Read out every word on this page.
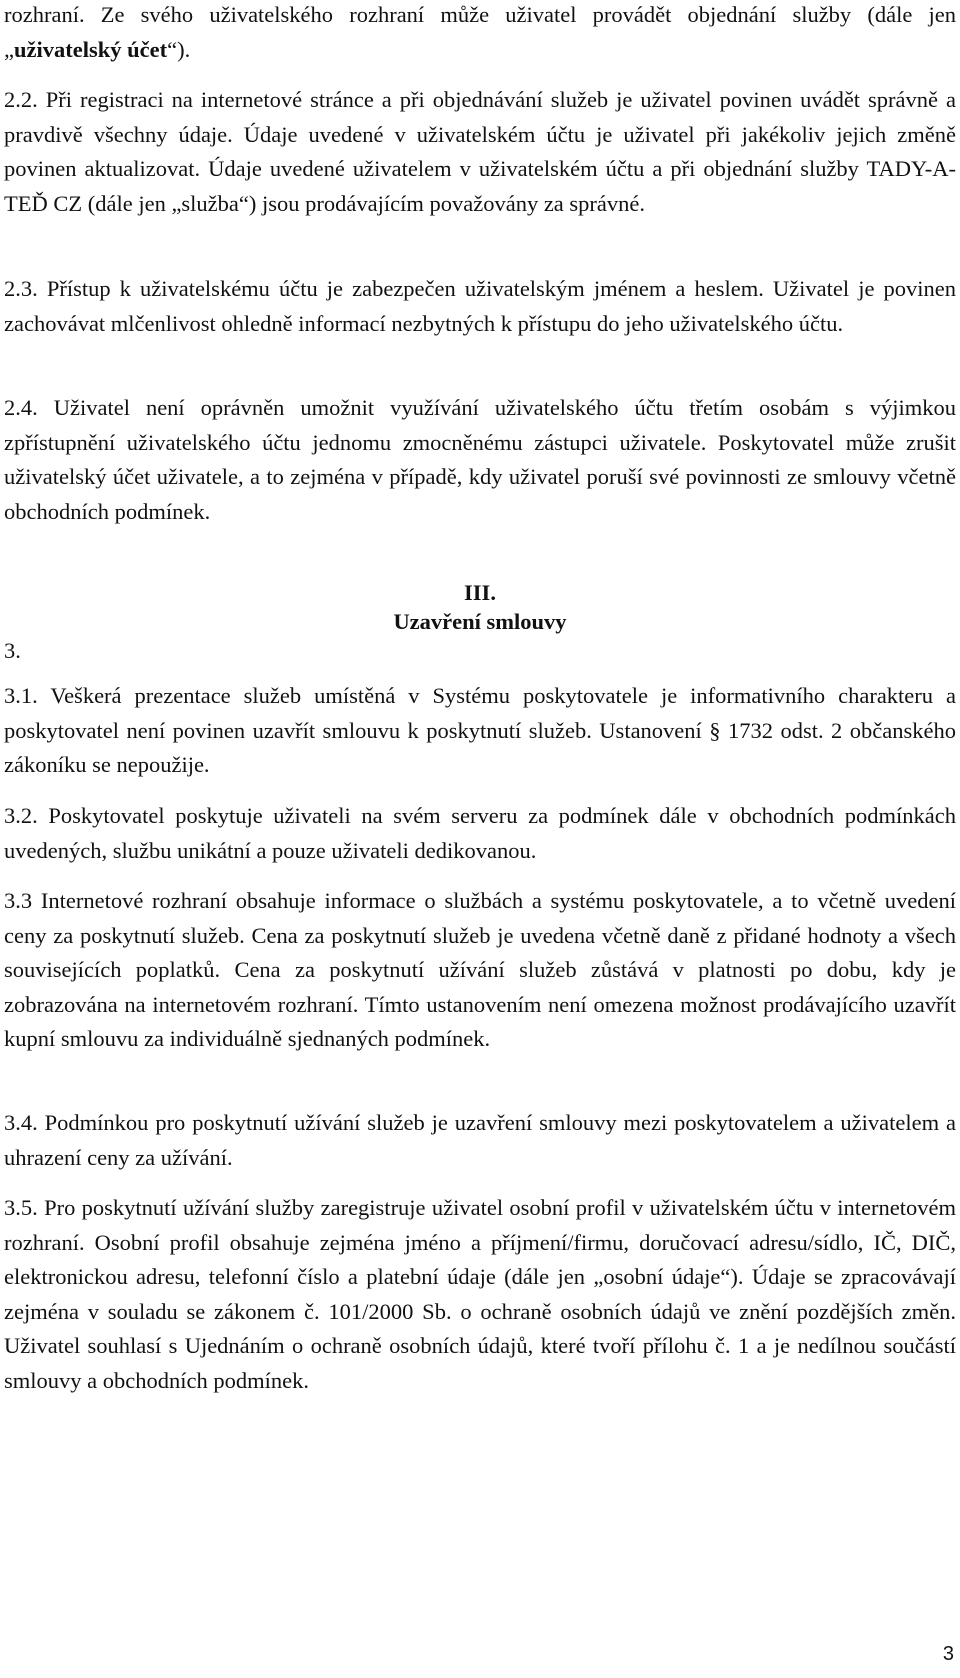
rozhraní. Ze svého uživatelského rozhraní může uživatel provádět objednání služby (dále jen „uživatelský účet“).

2.2. Při registraci na internetové stránce a při objednávání služeb je uživatel povinen uvádět správně a pravdivě všechny údaje. Údaje uvedené v uživatelském účtu je uživatel při jakékoliv jejich změně povinen aktualizovat. Údaje uvedené uživatelem v uživatelském účtu a při objednání služby TADY-A-TEĎ CZ (dále jen „služba“) jsou prodávajícím považovány za správné.

2.3. Přístup k uživatelskému účtu je zabezpečen uživatelským jménem a heslem. Uživatel je povinen zachovávat mlčenlivost ohledně informací nezbytných k přístupu do jeho uživatelského účtu.

2.4. Uživatel není oprávněn umožnit využívání uživatelského účtu třetím osobám s výjimkou zpřístupnění uživatelského účtu jednomu zmocněnému zástupci uživatele. Poskytovatel může zrušit uživatelský účet uživatele, a to zejména v případě, kdy uživatel poruší své povinnosti ze smlouvy včetně obchodních podmínek.

III.
Uzavření smlouvy
3.

3.1. Veškerá prezentace služeb umístěná v Systému poskytovatele je informativního charakteru a poskytovatel není povinen uzavřít smlouvu k poskytnutí služeb. Ustanovení § 1732 odst. 2 občanského zákoníku se nepoužije.

3.2. Poskytovatel poskytuje uživateli na svém serveru za podmínek dále v obchodních podmínkách uvedených, službu unikátní a pouze uživateli dedikovanou.

3.3 Internetové rozhraní obsahuje informace o službách a systému poskytovatele, a to včetně uvedení ceny za poskytnutí služeb. Cena za poskytnutí služeb je uvedena včetně daně z přidané hodnoty a všech souvisejících poplatků. Cena za poskytnutí užívání služeb zůstává v platnosti po dobu, kdy je zobrazována na internetovém rozhraní. Tímto ustanovením není omezena možnost prodávajícího uzavřít kupní smlouvu za individuálně sjednaných podmínek.

3.4. Podmínkou pro poskytnutí užívání služeb je uzavření smlouvy mezi poskytovatelem a uživatelem a uhrazení ceny za užívání.

3.5. Pro poskytnutí užívání služby zaregistruje uživatel osobní profil v uživatelském účtu v internetovém rozhraní. Osobní profil obsahuje zejména jméno a příjmení/firmu, doručovací adresu/sídlo, IČ, DIČ, elektronickou adresu, telefonní číslo a platební údaje (dále jen „osobní údaje“). Údaje se zpracovávají zejména v souladu se zákonem č. 101/2000 Sb. o ochraně osobních údajů ve znění pozdějších změn. Uživatel souhlasí s Ujednáním o ochraně osobních údajů, které tvoří přílohu č. 1 a je nedílnou součástí smlouvy a obchodních podmínek.

3
